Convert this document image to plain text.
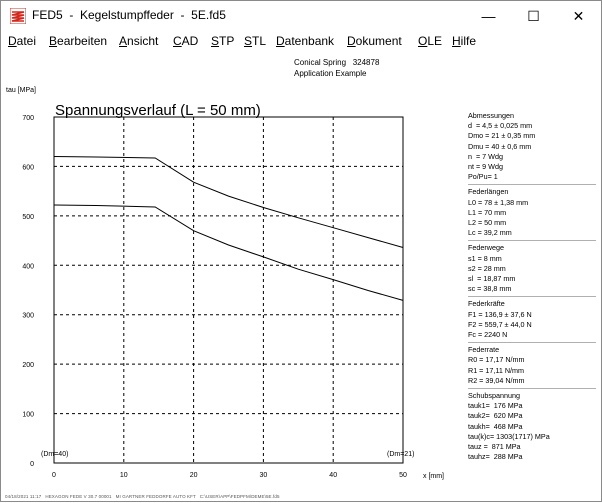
FED5  -  Kegelstumpffeder  -  5E.fd5	— ☐ ✕
Datei Bearbeiten Ansicht CAD STP STL Datenbank Dokument OLE Hilfe
Conical Spring   324878
Application Example
0	10	20	30	40	50
0
100
200
300
400
500
600
700
tau [MPa]
x [mm]
Spannungsverlauf (L = 50 mm)
(Dm=40)	(Dm=21)
Abmessungen
d  = 4,5 ± 0,025 mm
Dmo = 21 ± 0,35 mm
Dmu = 40 ± 0,6 mm
n  = 7 Wdg
nt = 9 Wdg
Po/Pu= 1
Federlängen
L0 = 78 ± 1,38 mm
L1 = 70 mm
L2 = 50 mm
Lc = 39,2 mm
Federwege
s1 = 8 mm
s2 = 28 mm
sl  = 18,87 mm
sc = 38,8 mm
Federkräfte
F1 = 136,9 ± 37,6 N
F2 = 559,7 ± 44,0 N
Fc = 2240 N
Federrate
R0 = 17,17 N/mm
R1 = 17,11 N/mm
R2 = 39,04 N/mm
Schubspannung
tauk1=  176 MPa
tauk2=  620 MPa
taukh=  468 MPa
tau(k)c= 1303(1717) MPa
tauz =  871 MPa
tauhz=  288 MPa
04/18/2021 11:17   HEXAGON FEDE V 30.7 00001   MI GARTNER FEDDORFE AUTO KFT   C:\USER\APP\FEDPFM\DEME\5E.fd5
